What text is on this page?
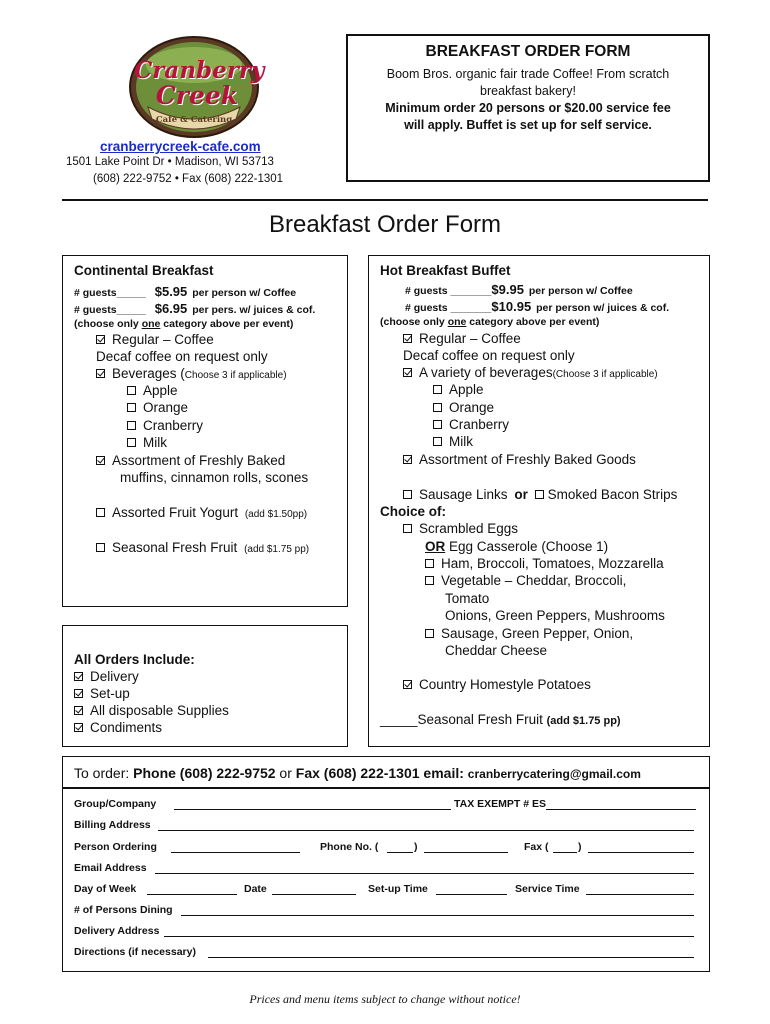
Cranberry
Creek
Cafe & Catering
cranberrycreek-cafe.com
1501 Lake Point Dr • Madison, WI 53713
(608) 222-9752 • Fax (608) 222-1301
BREAKFAST ORDER FORM
Boom Bros. organic fair trade Coffee! From scratch
breakfast bakery!
Minimum order 20 persons or $20.00 service fee
will apply. Buffet is set up for self service.
Breakfast Order Form
Continental Breakfast
# guests_____ $5.95 per person w/ Coffee
# guests_____ $6.95 per pers. w/ juices & cof.
(choose only one category above per event)
Regular – Coffee
Decaf coffee on request only
Beverages (Choose 3 if applicable)
Apple
Orange
Cranberry
Milk
Assortment of Freshly Baked
muffins, cinnamon rolls, scones
Assorted Fruit Yogurt (add $1.50pp)
Seasonal Fresh Fruit (add $1.75 pp)
All Orders Include:
Delivery
Set-up
All disposable Supplies
Condiments
Hot Breakfast Buffet
# guests _______$9.95 per person w/ Coffee
# guests _______$10.95 per person w/ juices & cof.
(choose only one category above per event)
Regular – Coffee
Decaf coffee on request only
A variety of beverages(Choose 3 if applicable)
Apple
Orange
Cranberry
Milk
Assortment of Freshly Baked Goods
Sausage Links or Smoked Bacon Strips
Choice of:
Scrambled Eggs
OR Egg Casserole (Choose 1)
Ham, Broccoli, Tomatoes, Mozzarella
Vegetable – Cheddar, Broccoli,
Tomato
Onions, Green Peppers, Mushrooms
Sausage, Green Pepper, Onion,
Cheddar Cheese
Country Homestyle Potatoes
_____Seasonal Fresh Fruit (add $1.75 pp)
To order: Phone (608) 222-9752 or Fax (608) 222-1301 email: cranberrycatering@gmail.com
Group/Company	TAX EXEMPT # ES
Billing Address
Person Ordering	Phone No. (	)	Fax (	)
Email Address
Day of Week	Date	Set-up Time	Service Time
# of Persons Dining
Delivery Address
Directions (if necessary)
Prices and menu items subject to change without notice!
